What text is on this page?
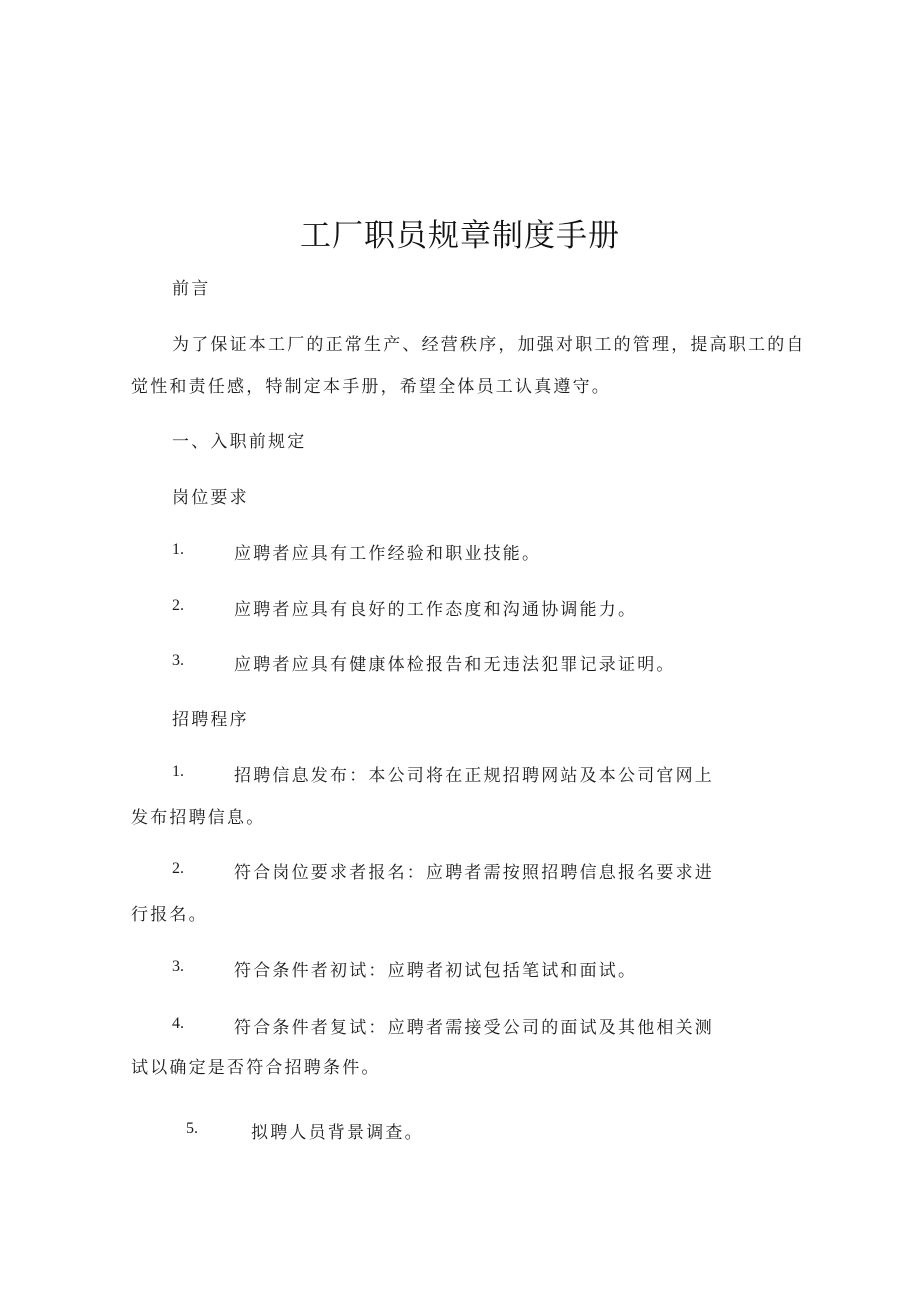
工厂职员规章制度手册
前言
为了保证本工厂的正常生产、经营秩序，加强对职工的管理，提高职工的自
觉性和责任感，特制定本手册，希望全体员工认真遵守。
一、入职前规定
岗位要求
1.	应聘者应具有工作经验和职业技能。
2.	应聘者应具有良好的工作态度和沟通协调能力。
3.	应聘者应具有健康体检报告和无违法犯罪记录证明。
招聘程序
1.	招聘信息发布：本公司将在正规招聘网站及本公司官网上
发布招聘信息。
2.	符合岗位要求者报名：应聘者需按照招聘信息报名要求进
行报名。
3.	符合条件者初试：应聘者初试包括笔试和面试。
4.	符合条件者复试：应聘者需接受公司的面试及其他相关测
试以确定是否符合招聘条件。
5.	拟聘人员背景调查。
